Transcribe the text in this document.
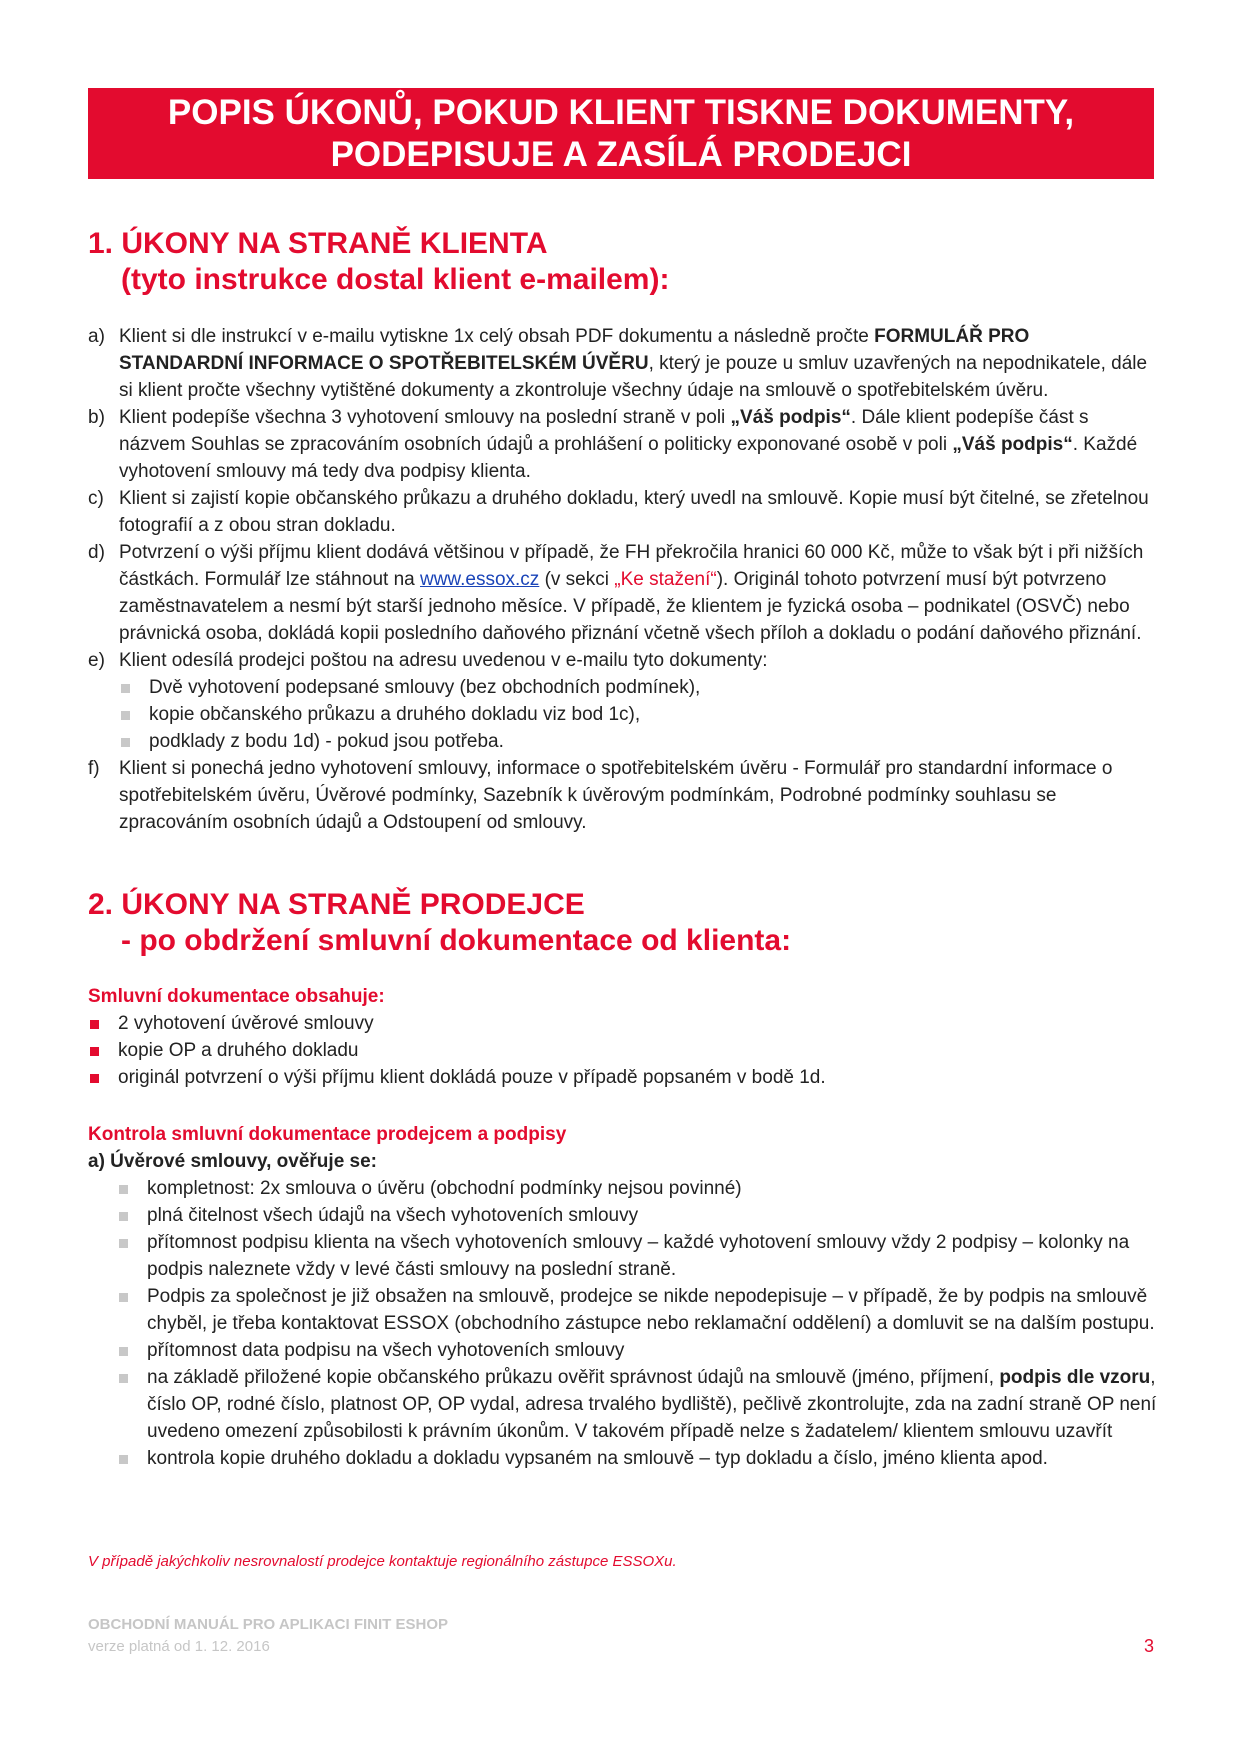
POPIS ÚKONŮ, POKUD KLIENT TISKNE DOKUMENTY,
PODEPISUJE A ZASÍLÁ PRODEJCI
1. ÚKONY NA STRANĚ KLIENTA
(tyto instrukce dostal klient e-mailem):
a) Klient si dle instrukcí v e-mailu vytiskne 1x celý obsah PDF dokumentu a následně pročte FORMULÁŘ PRO STANDARDNÍ INFORMACE O SPOTŘEBITELSKÉM ÚVĚRU, který je pouze u smluv uzavřených na nepodnikatele, dále si klient pročte všechny vytištěné dokumenty a zkontroluje všechny údaje na smlouvě o spotřebitelském úvěru.
b) Klient podepíše všechna 3 vyhotovení smlouvy na poslední straně v poli „Váš podpis“. Dále klient podepíše část s názvem Souhlas se zpracováním osobních údajů a prohlášení o politicky exponované osobě v poli „Váš podpis“. Každé vyhotovení smlouvy má tedy dva podpisy klienta.
c) Klient si zajistí kopie občanského průkazu a druhého dokladu, který uvedl na smlouvě. Kopie musí být čitelné, se zřetelnou fotografií a z obou stran dokladu.
d) Potvrzení o výši příjmu klient dodává většinou v případě, že FH překročila hranici 60 000 Kč, může to však být i při nižších částkách. Formulář lze stáhnout na www.essox.cz (v sekci „Ke stažení“). Originál tohoto potvrzení musí být potvrzeno zaměstnavatelem a nesmí být starší jednoho měsíce. V případě, že klientem je fyzická osoba – podnikatel (OSVČ) nebo právnická osoba, dokládá kopii posledního daňového přiznání včetně všech příloh a dokladu o podání daňového přiznání.
e) Klient odesílá prodejci poštou na adresu uvedenou v e-mailu tyto dokumenty:
Dvě vyhotovení podepsané smlouvy (bez obchodních podmínek),
kopie občanského průkazu a druhého dokladu viz bod 1c),
podklady z bodu 1d) - pokud jsou potřeba.
f) Klient si ponechá jedno vyhotovení smlouvy, informace o spotřebitelském úvěru - Formulář pro standardní informace o spotřebitelském úvěru, Úvěrové podmínky, Sazebník k úvěrovým podmínkám, Podrobné podmínky souhlasu se zpracováním osobních údajů a Odstoupení od smlouvy.
2. ÚKONY NA STRANĚ PRODEJCE
- po obdržení smluvní dokumentace od klienta:
Smluvní dokumentace obsahuje:
2 vyhotovení úvěrové smlouvy
kopie OP a druhého dokladu
originál potvrzení o výši příjmu klient dokládá pouze v případě popsaném v bodě 1d.
Kontrola smluvní dokumentace prodejcem a podpisy
a) Úvěrové smlouvy, ověřuje se:
kompletnost: 2x smlouva o úvěru (obchodní podmínky nejsou povinné)
plná čitelnost všech údajů na všech vyhotoveních smlouvy
přítomnost podpisu klienta na všech vyhotoveních smlouvy – každé vyhotovení smlouvy vždy 2 podpisy – kolonky na podpis naleznete vždy v levé části smlouvy na poslední straně.
Podpis za společnost je již obsažen na smlouvě, prodejce se nikde nepodepisuje – v případě, že by podpis na smlouvě chyběl, je třeba kontaktovat ESSOX (obchodního zástupce nebo reklamační oddělení) a domluvit se na dalším postupu.
přítomnost data podpisu na všech vyhotoveních smlouvy
na základě přiložené kopie občanského průkazu ověřit správnost údajů na smlouvě (jméno, příjmení, podpis dle vzoru, číslo OP, rodné číslo, platnost OP, OP vydal, adresa trvalého bydliště), pečlivě zkontrolujte, zda na zadní straně OP není uvedeno omezení způsobilosti k právním úkonům. V takovém případě nelze s žadatelem/ klientem smlouvu uzavřít
kontrola kopie druhého dokladu a dokladu vypsaném na smlouvě – typ dokladu a číslo, jméno klienta apod.
V případě jakýchkoliv nesrovnalostí prodejce kontaktuje regionálního zástupce ESSOXu.
OBCHODNÍ MANUÁL PRO APLIKACI FINIT ESHOP
verze platná od 1. 12. 2016	3
